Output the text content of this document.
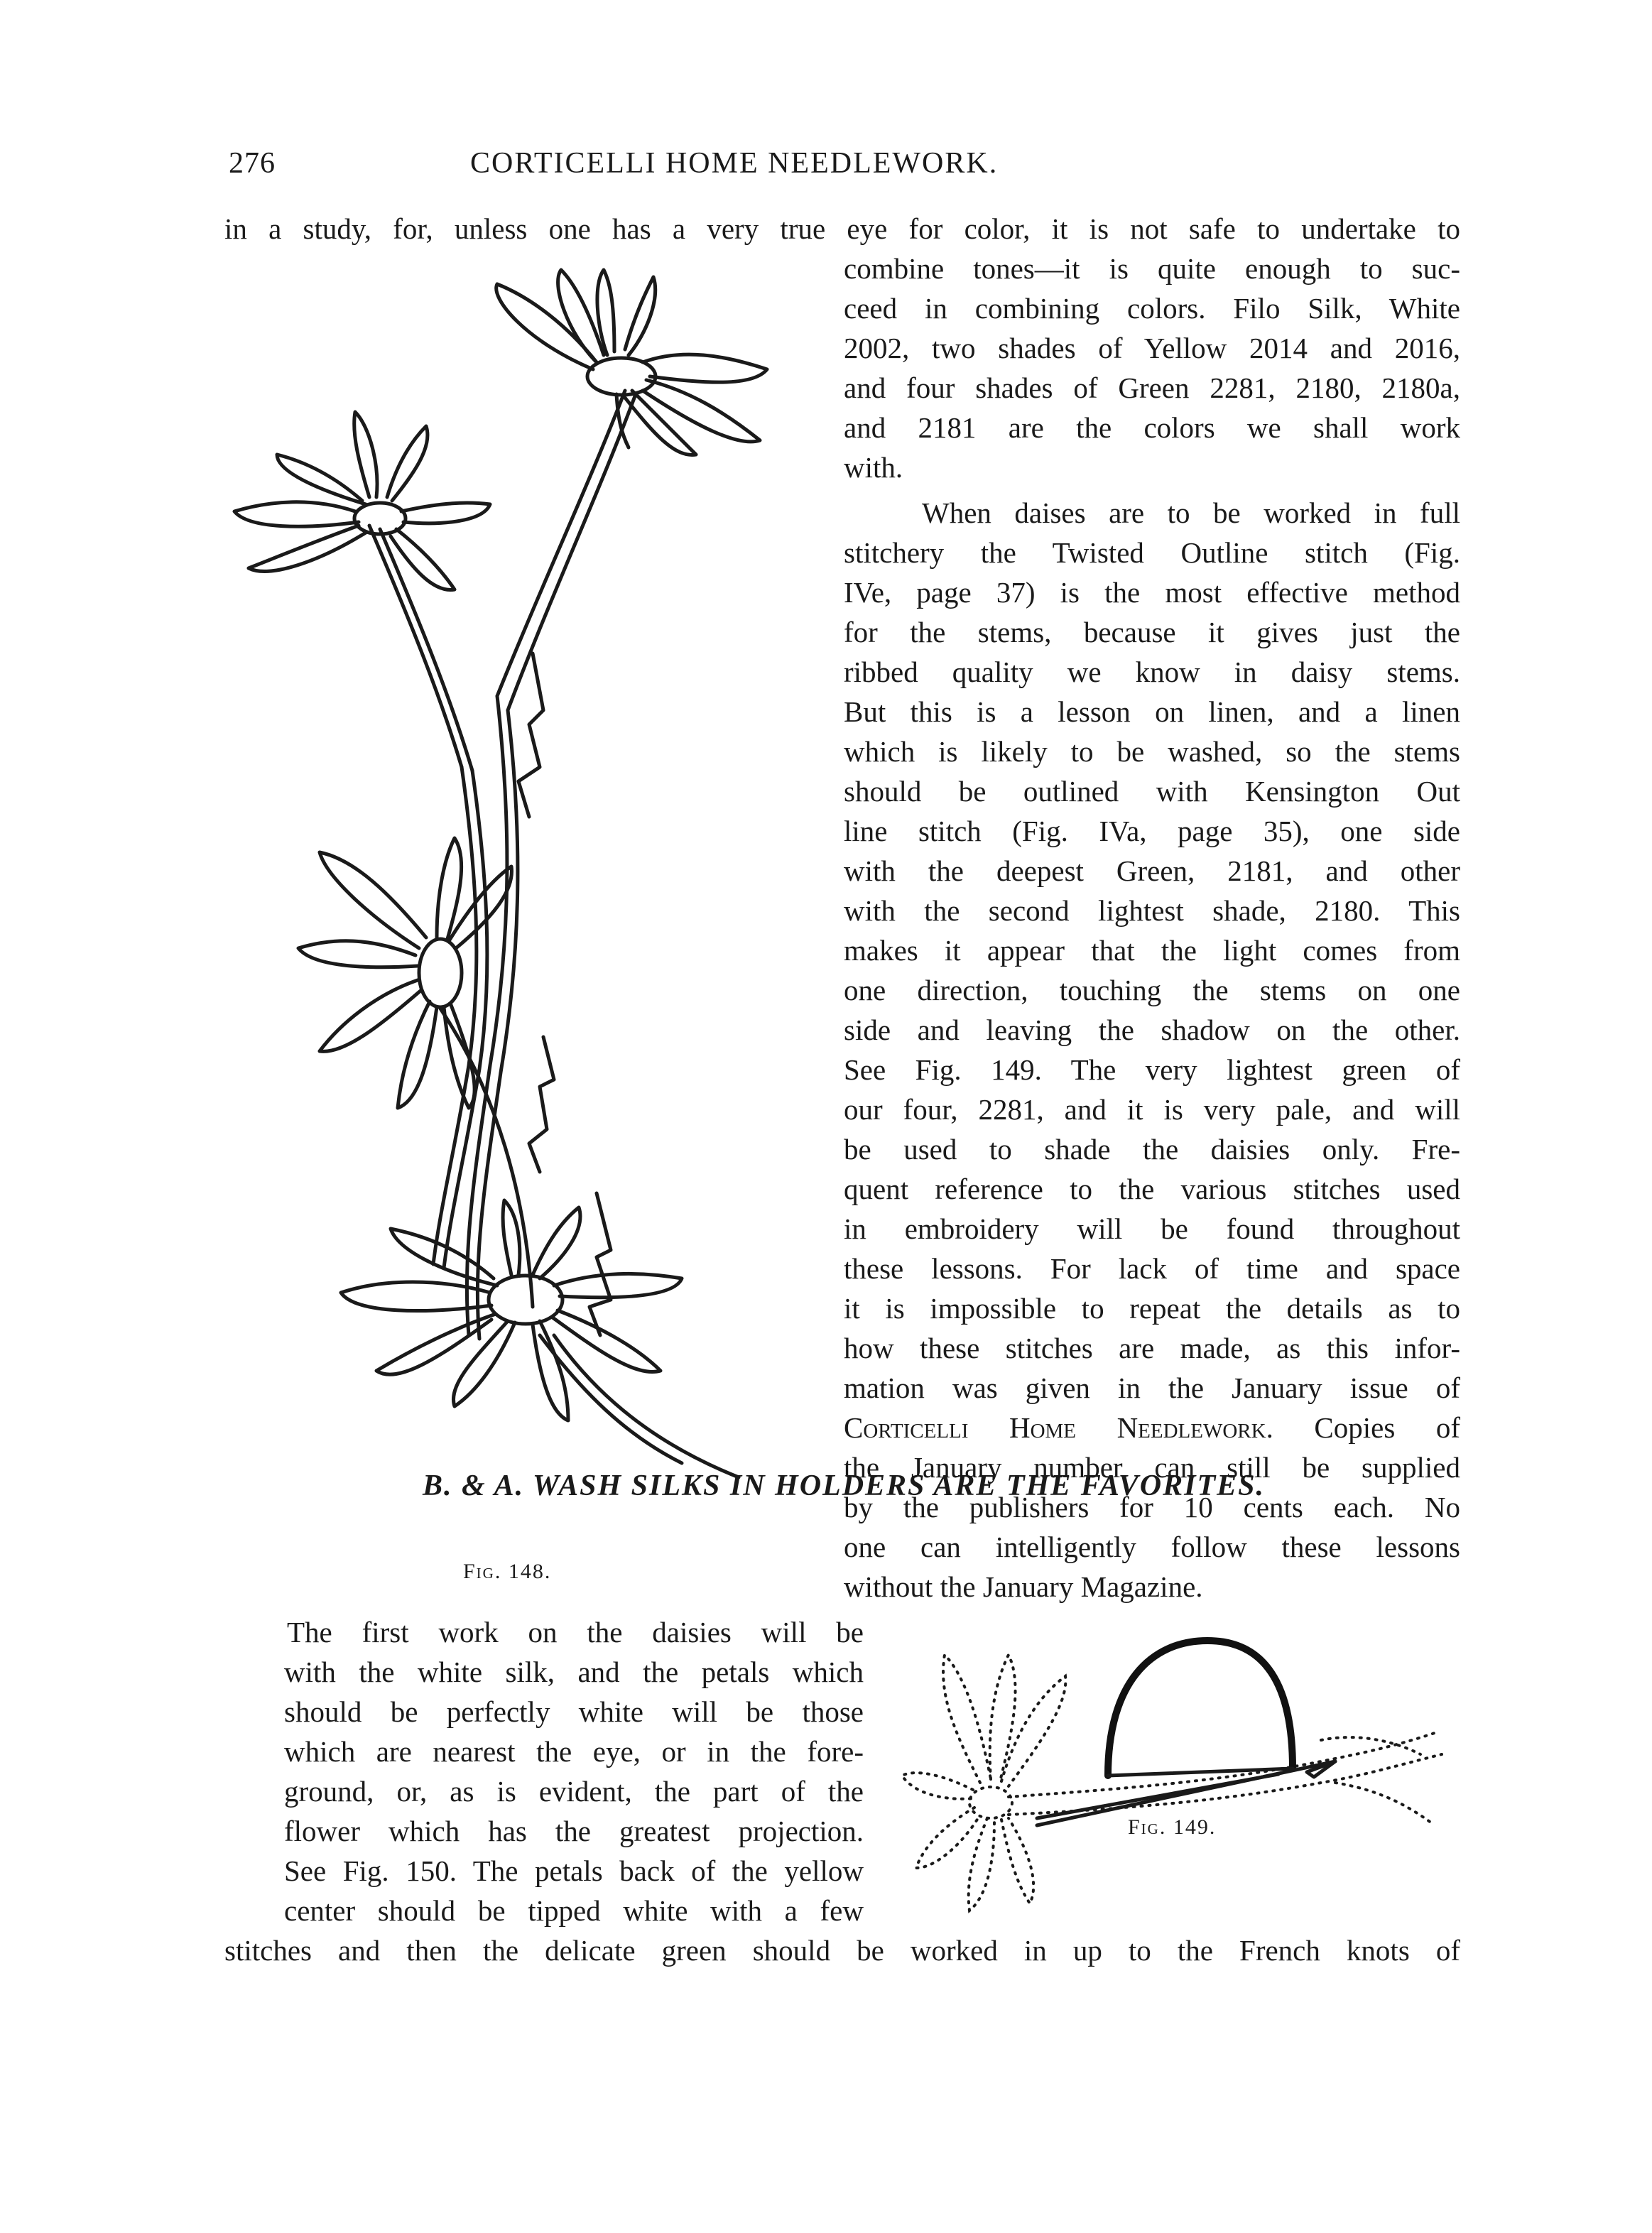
276	CORTICELLI HOME NEEDLEWORK.
in a study, for, unless one has a very true eye for color, it is not safe to undertake to
combine tones—it is quite enough to suc-
ceed in combining colors. Filo Silk, White
2002, two shades of Yellow 2014 and 2016,
and four shades of Green 2281, 2180, 2180a,
and 2181 are the colors we shall work
with.
When daises are to be worked in full
stitchery the Twisted Outline stitch (Fig.
IVe, page 37) is the most effective method
for the stems, because it gives just the
ribbed quality we know in daisy stems.
But this is a lesson on linen, and a linen
which is likely to be washed, so the stems
should be outlined with Kensington Out
line stitch (Fig. IVa, page 35), one side
with the deepest Green, 2181, and other
with the second lightest shade, 2180. This
makes it appear that the light comes from
one direction, touching the stems on one
side and leaving the shadow on the other.
See Fig. 149. The very lightest green of
our four, 2281, and it is very pale, and will
be used to shade the daisies only. Fre-
quent reference to the various stitches used
in embroidery will be found throughout
these lessons. For lack of time and space
it is impossible to repeat the details as to
how these stitches are made, as this infor-
mation was given in the January issue of
Corticelli Home Needlework. Copies of
the January number can still be supplied
by the publishers for 10 cents each. No
one can intelligently follow these lessons
without the January Magazine.
Fig. 148.
The first work on the daisies will be
with the white silk, and the petals which
should be perfectly white will be those
which are nearest the eye, or in the fore-
ground, or, as is evident, the part of the
flower which has the greatest projection.
See Fig. 150. The petals back of the yellow
center should be tipped white with a few
Fig. 149.
stitches and then the delicate green should be worked in up to the French knots of
B. & A. WASH SILKS IN HOLDERS ARE THE FAVORITES.
